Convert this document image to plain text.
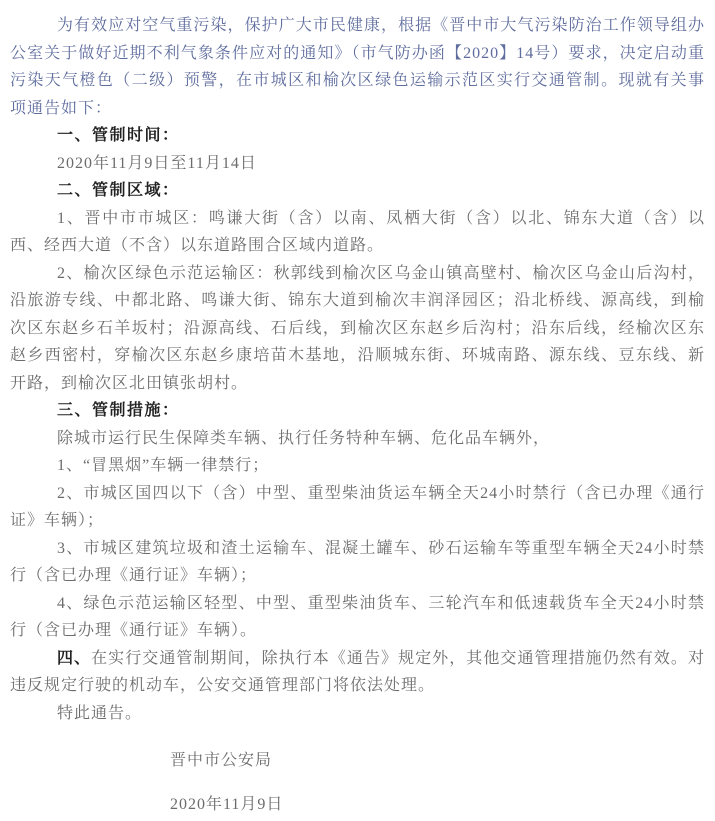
为有效应对空气重污染，保护广大市民健康，根据《晋中市大气污染防治工作领导组办公室关于做好近期不利气象条件应对的通知》（市气防办函【2020】14号）要求，决定启动重污染天气橙色（二级）预警，在市城区和榆次区绿色运输示范区实行交通管制。现就有关事项通告如下：

一、管制时间：

2020年11月9日至11月14日

二、管制区域：

1、晋中市市城区：鸣谦大街（含）以南、凤栖大街（含）以北、锦东大道（含）以西、经西大道（不含）以东道路围合区域内道路。

2、榆次区绿色示范运输区：秋郭线到榆次区乌金山镇高壁村、榆次区乌金山后沟村，沿旅游专线、中都北路、鸣谦大街、锦东大道到榆次丰润泽园区；沿北桥线、源高线，到榆次区东赵乡石羊坂村；沿源高线、石后线，到榆次区东赵乡后沟村；沿东后线，经榆次区东赵乡西密村，穿榆次区东赵乡康培苗木基地，沿顺城东街、环城南路、源东线、豆东线、新开路，到榆次区北田镇张胡村。

三、管制措施：

除城市运行民生保障类车辆、执行任务特种车辆、危化品车辆外，

1、“冒黑烟”车辆一律禁行；

2、市城区国四以下（含）中型、重型柴油货运车辆全天24小时禁行（含已办理《通行证》车辆）；

3、市城区建筑垃圾和渣土运输车、混凝土罐车、砂石运输车等重型车辆全天24小时禁行（含已办理《通行证》车辆）；

4、绿色示范运输区轻型、中型、重型柴油货车、三轮汽车和低速载货车全天24小时禁行（含已办理《通行证》车辆）。

四、在实行交通管制期间，除执行本《通告》规定外，其他交通管理措施仍然有效。对违反规定行驶的机动车，公安交通管理部门将依法处理。

特此通告。

晋中市公安局

2020年11月9日
